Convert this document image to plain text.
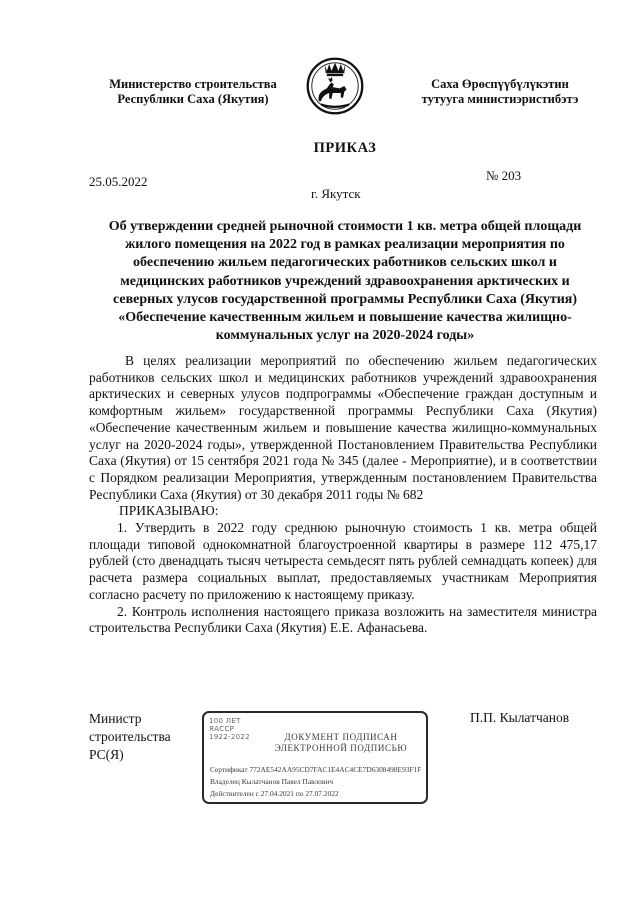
Министерство строительства
Республики Саха (Якутия)
Саха Өрөспүүбүлүкэтин
тутууга министиэристибэтэ
ПРИКАЗ
25.05.2022	№ 203
г. Якутск
Об утверждении средней рыночной стоимости 1 кв. метра общей площади жилого помещения на 2022 год в рамках реализации мероприятия по обеспечению жильем педагогических работников сельских школ и медицинских работников учреждений здравоохранения арктических и северных улусов государственной программы Республики Саха (Якутия) «Обеспечение качественным жильем и повышение качества жилищно-коммунальных услуг на 2020-2024 годы»

В целях реализации мероприятий по обеспечению жильем педагогических работников сельских школ и медицинских работников учреждений здравоохранения арктических и северных улусов подпрограммы «Обеспечение граждан доступным и комфортным жильем» государственной программы Республики Саха (Якутия) «Обеспечение качественным жильем и повышение качества жилищно-коммунальных услуг на 2020-2024 годы», утвержденной Постановлением Правительства Республики Саха (Якутия) от 15 сентября 2021 года № 345 (далее - Мероприятие), и в соответствии с Порядком реализации Мероприятия, утвержденным постановлением Правительства Республики Саха (Якутия) от 30 декабря 2011 годы № 682

ПРИКАЗЫВАЮ:

1. Утвердить в 2022 году среднюю рыночную стоимость 1 кв. метра общей площади типовой однокомнатной благоустроенной квартиры в размере 112 475,17 рублей (сто двенадцать тысяч четыреста семьдесят пять рублей семнадцать копеек) для расчета размера социальных выплат, предоставляемых участникам Мероприятия согласно расчету по приложению к настоящему приказу.

2. Контроль исполнения настоящего приказа возложить на заместителя министра строительства Республики Саха (Якутия) Е.Е. Афанасьева.

Министр
строительства
РС(Я)
100 ЛЕТ
ЯАССР
1922-2022	ДОКУМЕНТ ПОДПИСАН
ЭЛЕКТРОННОЙ ПОДПИСЬЮ
Сертификат 772AE542AA95CD7FAC1E4AC4CE7D6308498E93F1F
Владелец Кылатчанов Павел Павлович
Действителен с 27.04.2021 по 27.07.2022
П.П. Кылатчанов
